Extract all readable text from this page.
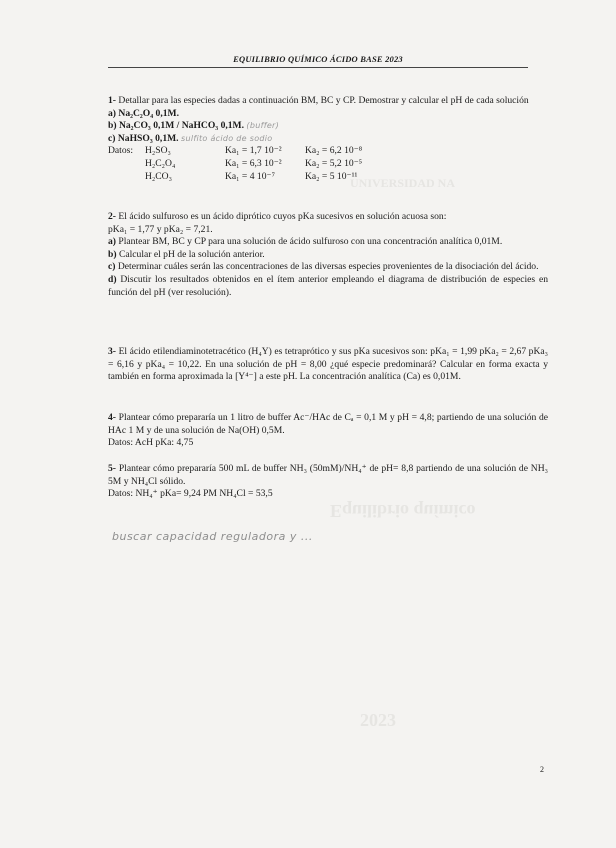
UNIVERSIDAD NA
Equilibrio químico
2023
EQUILIBRIO QUÍMICO ÁCIDO BASE 2023

1- Detallar para las especies dadas a continuación BM, BC y CP. Demostrar y calcular el pH de cada solución

a) Na₂C₂O₄ 0,1M.

b) Na₂CO₃ 0,1M / NaHCO₃ 0,1M. (buffer)

c) NaHSO₃ 0,1M. sulfito ácido de sodio

Datos:	H₂SO₃	Ka₁ = 1,7 10⁻²	Ka₂ = 6,2 10⁻⁸
H₂C₂O₄	Ka₁ = 6,3 10⁻²	Ka₂ = 5,2 10⁻⁵
H₂CO₃	Ka₁ = 4 10⁻⁷	Ka₂ = 5 10⁻¹¹

2- El ácido sulfuroso es un ácido diprótico cuyos pKa sucesivos en solución acuosa son:

pKa₁ = 1,77 y pKa₂ = 7,21.

a) Plantear BM, BC y CP para una solución de ácido sulfuroso con una concentración analítica 0,01M.

b) Calcular el pH de la solución anterior.

c) Determinar cuáles serán las concentraciones de las diversas especies provenientes de la disociación del ácido.

d) Discutir los resultados obtenidos en el ítem anterior empleando el diagrama de distribución de especies en función del pH (ver resolución).

3- El ácido etilendiaminotetracético (H₄Y) es tetraprótico y sus pKa sucesivos son: pKa₁ = 1,99 pKa₂ = 2,67 pKa₃ = 6,16 y pKa₄ = 10,22. En una solución de pH = 8,00 ¿qué especie predominará? Calcular en forma exacta y también en forma aproximada la [Y⁴⁻] a este pH. La concentración analítica (Ca) es 0,01M.

4- Plantear cómo prepararía un 1 litro de buffer Ac⁻/HAc de Cₐ = 0,1 M y pH = 4,8; partiendo de una solución de HAc 1 M y de una solución de Na(OH) 0,5M.

Datos: AcH pKa: 4,75

5- Plantear cómo prepararía 500 mL de buffer NH₃ (50mM)/NH₄⁺ de pH= 8,8 partiendo de una solución de NH₃ 5M y NH₄Cl sólido.

Datos: NH₄⁺ pKa= 9,24 PM NH₄Cl = 53,5

buscar capacidad reguladora y ...
2
